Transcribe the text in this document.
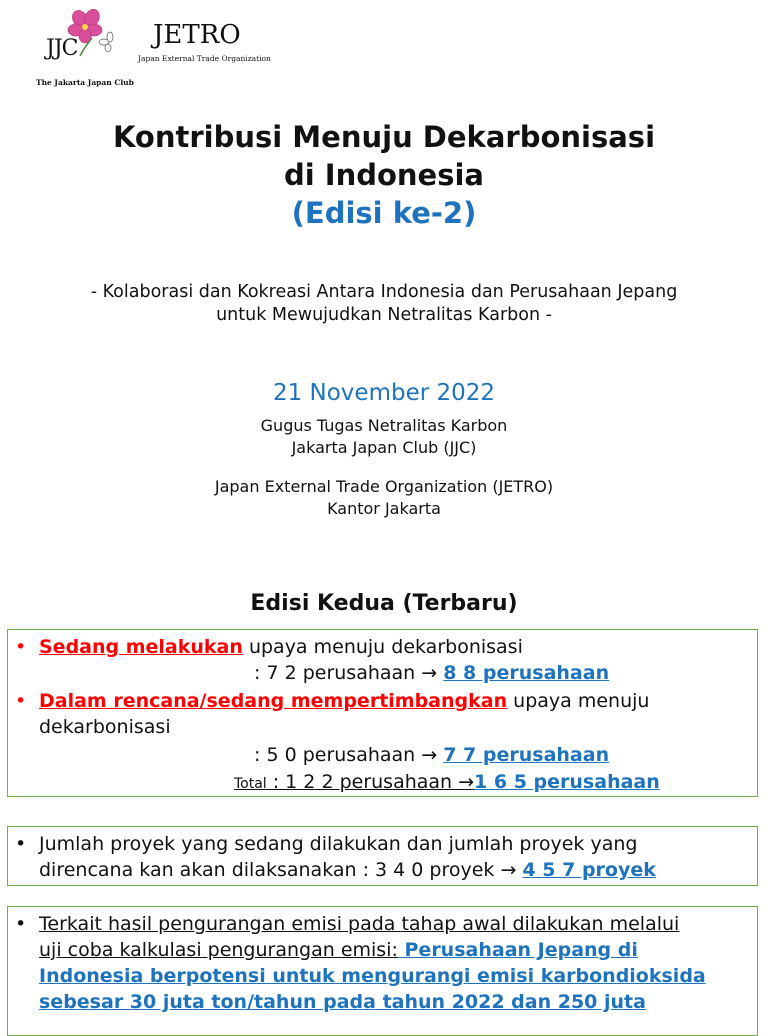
JJC
The Jakarta Japan Club
JETRO
Japan External Trade Organization
Kontribusi Menuju Dekarbonisasi
di Indonesia
(Edisi ke-2)
- Kolaborasi dan Kokreasi Antara Indonesia dan Perusahaan Jepang
untuk Mewujudkan Netralitas Karbon -
21 November 2022
Gugus Tugas Netralitas Karbon
Jakarta Japan Club (JJC)
Japan External Trade Organization (JETRO)
Kantor Jakarta
Edisi Kedua (Terbaru)
• Sedang melakukan upaya menuju dekarbonisasi
: 7 2 perusahaan → 8 8 perusahaan
• Dalam rencana/sedang mempertimbangkan upaya menuju
dekarbonisasi
: 5 0 perusahaan → 7 7 perusahaan
Total : 1 2 2 perusahaan →1 6 5 perusahaan
• Jumlah proyek yang sedang dilakukan dan jumlah proyek yang
direncana kan akan dilaksanakan : 3 4 0 proyek → 4 5 7 proyek
• Terkait hasil pengurangan emisi pada tahap awal dilakukan melalui
uji coba kalkulasi pengurangan emisi: Perusahaan Jepang di
Indonesia berpotensi untuk mengurangi emisi karbondioksida
sebesar 30 juta ton/tahun pada tahun 2022 dan 250 juta
